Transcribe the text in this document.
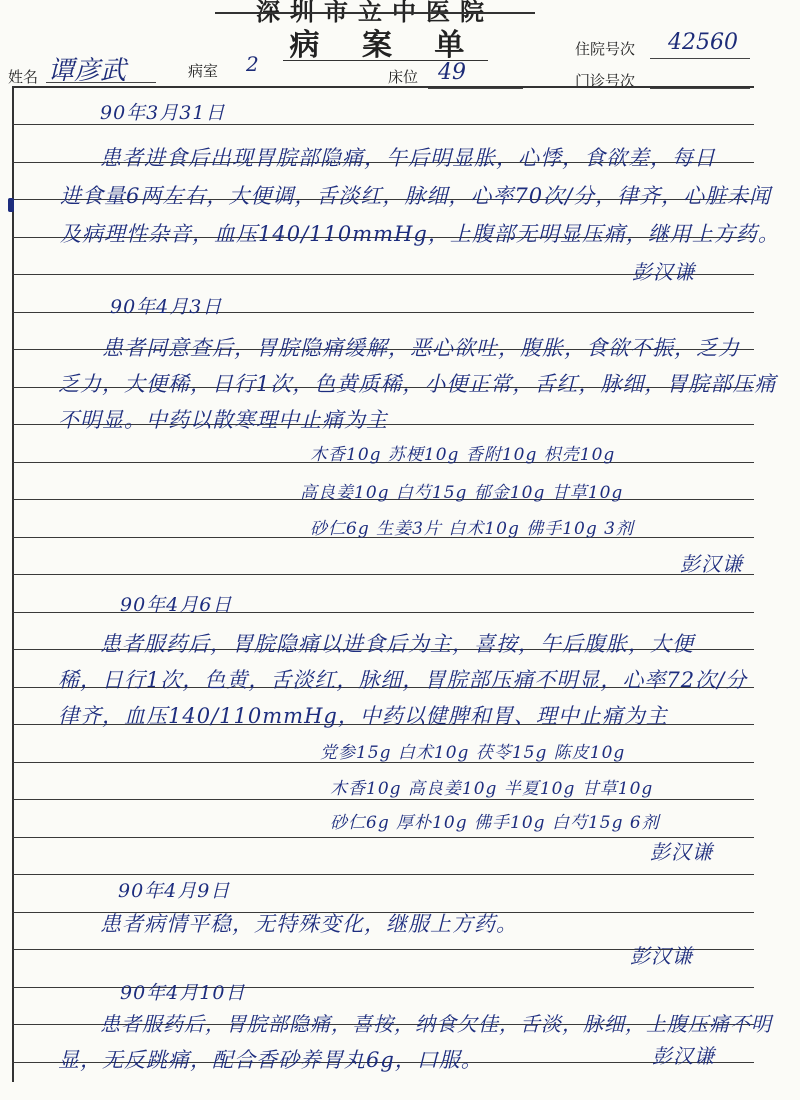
深圳市立中医院
病 案 单
姓名 谭彦武	病室 2
床位 49
住院号次 42560
门诊号次
90年3月31日
患者进食后出现胃脘部隐痛，午后明显胀，心悸，食欲差，每日
进食量6两左右，大便调，舌淡红，脉细，心率70次/分，律齐，心脏未闻
及病理性杂音，血压140/110mmHg，上腹部无明显压痛，继用上方药。
彭汉谦
90年4月3日
患者同意查后，胃脘隐痛缓解，恶心欲吐，腹胀，食欲不振，乏力
乏力，大便稀，日行1次，色黄质稀，小便正常，舌红，脉细，胃脘部压痛
不明显。中药以散寒理中止痛为主
木香10g 苏梗10g 香附10g 枳壳10g
高良姜10g 白芍15g 郁金10g 甘草10g
砂仁6g 生姜3片 白术10g 佛手10g 3剂
彭汉谦
90年4月6日
患者服药后，胃脘隐痛以进食后为主，喜按，午后腹胀，大便
稀，日行1次，色黄，舌淡红，脉细，胃脘部压痛不明显，心率72次/分
律齐，血压140/110mmHg，中药以健脾和胃、理中止痛为主
党参15g 白术10g 茯苓15g 陈皮10g
木香10g 高良姜10g 半夏10g 甘草10g
砂仁6g 厚朴10g 佛手10g 白芍15g 6剂
彭汉谦
90年4月9日
患者病情平稳，无特殊变化，继服上方药。
彭汉谦
90年4月10日
患者服药后，胃脘部隐痛，喜按，纳食欠佳，舌淡，脉细，上腹压痛不明
显，无反跳痛，配合香砂养胃丸6g，口服。	彭汉谦
